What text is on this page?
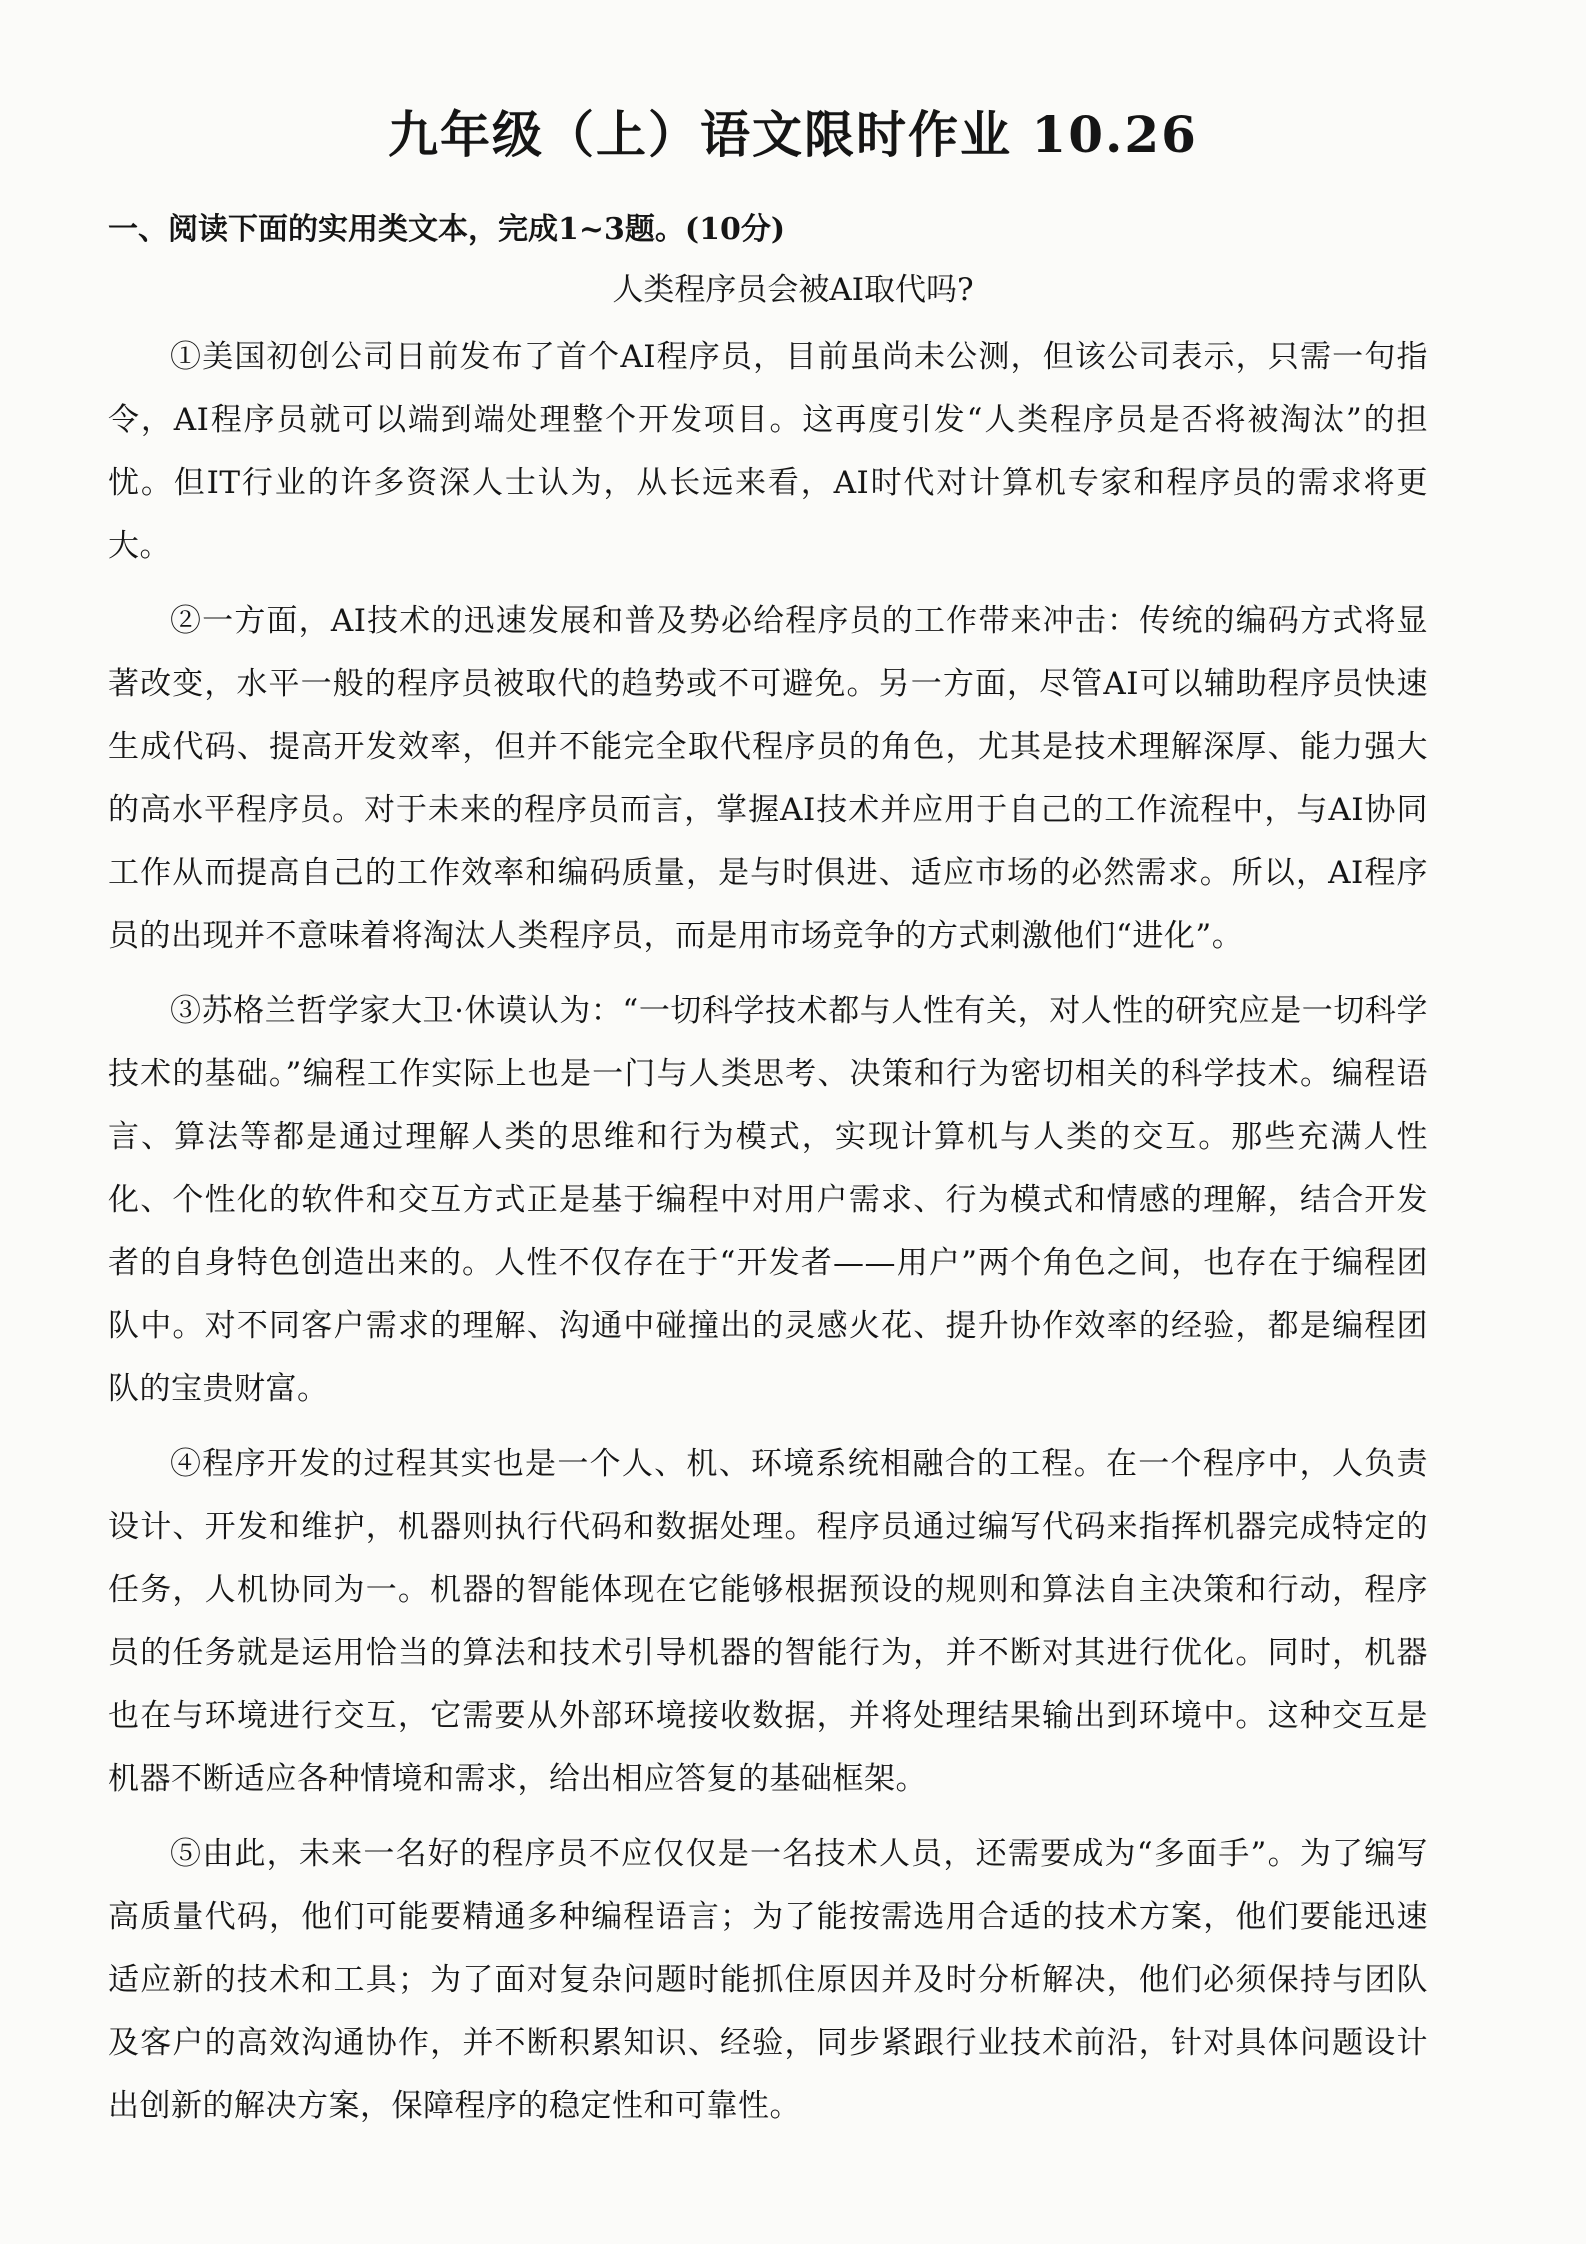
九年级（上）语文限时作业 10.26
一、阅读下面的实用类文本，完成1~3题。(10分)
人类程序员会被AI取代吗?

①美国初创公司日前发布了首个AI程序员，目前虽尚未公测，但该公司表示，只需一句指令，AI程序员就可以端到端处理整个开发项目。这再度引发“人类程序员是否将被淘汰”的担忧。但IT行业的许多资深人士认为，从长远来看，AI时代对计算机专家和程序员的需求将更大。

②一方面，AI技术的迅速发展和普及势必给程序员的工作带来冲击：传统的编码方式将显著改变，水平一般的程序员被取代的趋势或不可避免。另一方面，尽管AI可以辅助程序员快速生成代码、提高开发效率，但并不能完全取代程序员的角色，尤其是技术理解深厚、能力强大的高水平程序员。对于未来的程序员而言，掌握AI技术并应用于自己的工作流程中，与AI协同工作从而提高自己的工作效率和编码质量，是与时俱进、适应市场的必然需求。所以，AI程序员的出现并不意味着将淘汰人类程序员，而是用市场竞争的方式刺激他们“进化”。

③苏格兰哲学家大卫·休谟认为：“一切科学技术都与人性有关，对人性的研究应是一切科学技术的基础。”编程工作实际上也是一门与人类思考、决策和行为密切相关的科学技术。编程语言、算法等都是通过理解人类的思维和行为模式，实现计算机与人类的交互。那些充满人性化、个性化的软件和交互方式正是基于编程中对用户需求、行为模式和情感的理解，结合开发者的自身特色创造出来的。人性不仅存在于“开发者——用户”两个角色之间，也存在于编程团队中。对不同客户需求的理解、沟通中碰撞出的灵感火花、提升协作效率的经验，都是编程团队的宝贵财富。

④程序开发的过程其实也是一个人、机、环境系统相融合的工程。在一个程序中，人负责设计、开发和维护，机器则执行代码和数据处理。程序员通过编写代码来指挥机器完成特定的任务，人机协同为一。机器的智能体现在它能够根据预设的规则和算法自主决策和行动，程序员的任务就是运用恰当的算法和技术引导机器的智能行为，并不断对其进行优化。同时，机器也在与环境进行交互，它需要从外部环境接收数据，并将处理结果输出到环境中。这种交互是机器不断适应各种情境和需求，给出相应答复的基础框架。

⑤由此，未来一名好的程序员不应仅仅是一名技术人员，还需要成为“多面手”。为了编写高质量代码，他们可能要精通多种编程语言；为了能按需选用合适的技术方案，他们要能迅速适应新的技术和工具；为了面对复杂问题时能抓住原因并及时分析解决，他们必须保持与团队及客户的高效沟通协作，并不断积累知识、经验，同步紧跟行业技术前沿，针对具体问题设计出创新的解决方案，保障程序的稳定性和可靠性。
